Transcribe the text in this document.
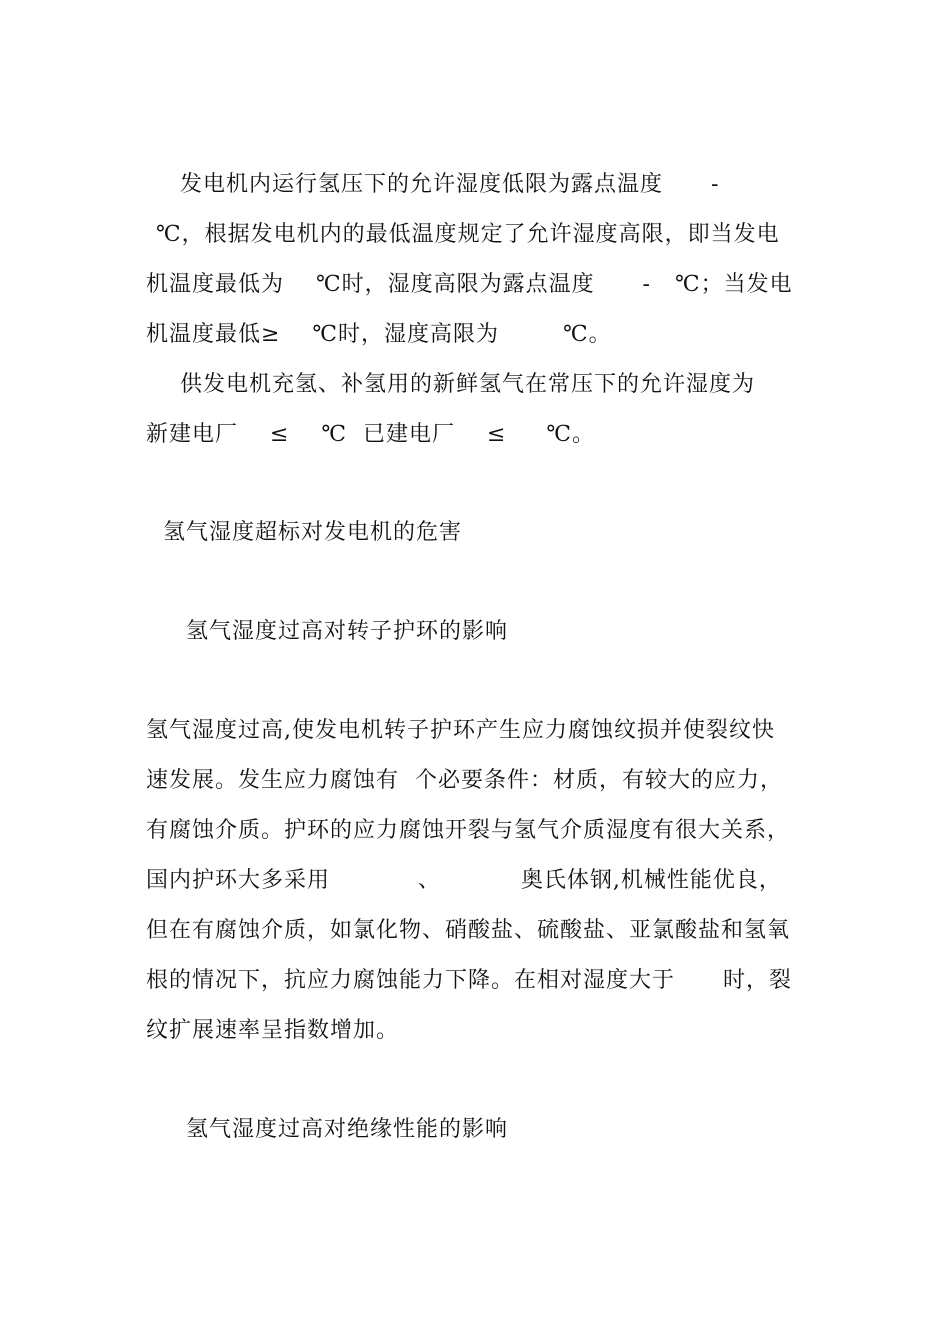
发电机内运行氢压下的允许湿度低限为露点温度      -

℃，根据发电机内的最低温度规定了允许湿度高限，即当发电

机温度最低为    ℃时，湿度高限为露点温度      -   ℃；当发电

机温度最低≥    ℃时，湿度高限为        ℃。

供发电机充氢、补氢用的新鲜氢气在常压下的允许湿度为

新建电厂    ≤    ℃  已建电厂    ≤     ℃。

氢气湿度超标对发电机的危害
氢气湿度过高对转子护环的影响

氢气湿度过高,使发电机转子护环产生应力腐蚀纹损并使裂纹快

速发展。发生应力腐蚀有  个必要条件：材质，有较大的应力，

有腐蚀介质。护环的应力腐蚀开裂与氢气介质湿度有很大关系，

国内护环大多采用           、          奥氏体钢,机械性能优良，

但在有腐蚀介质，如氯化物、硝酸盐、硫酸盐、亚氯酸盐和氢氧

根的情况下，抗应力腐蚀能力下降。在相对湿度大于      时，裂

纹扩展速率呈指数增加。

氢气湿度过高对绝缘性能的影响
